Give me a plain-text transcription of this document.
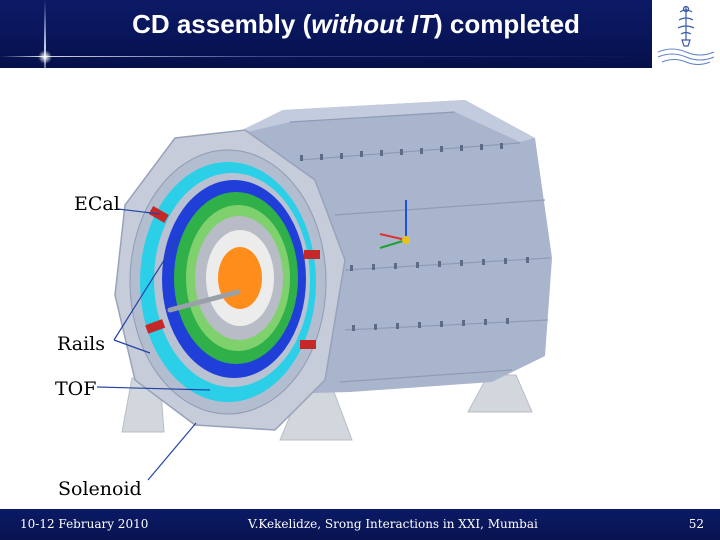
CD assembly (without IT) completed
ECal
Rails
TOF
Solenoid
10-12 February 2010	V.Kekelidze, Srong Interactions in XXI, Mumbai	52
